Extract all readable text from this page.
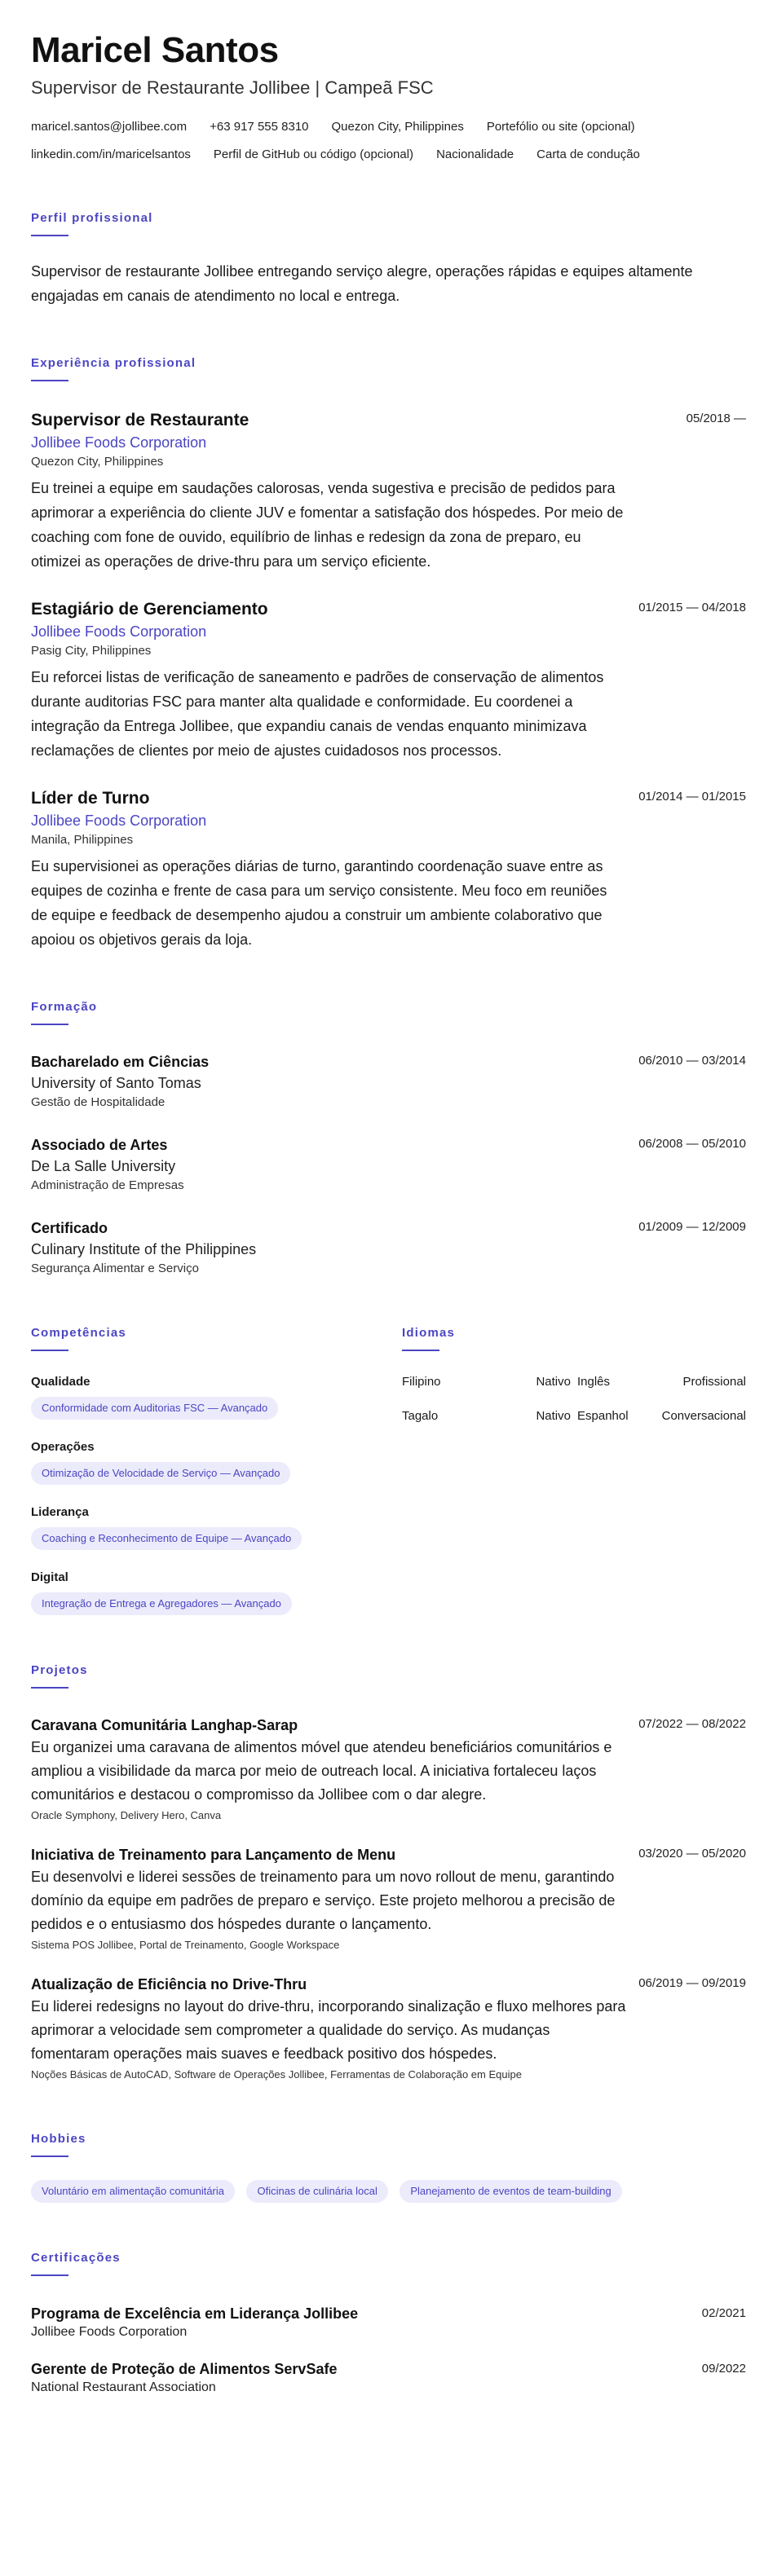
Maricel Santos
Supervisor de Restaurante Jollibee | Campeã FSC
maricel.santos@jollibee.com +63 917 555 8310 Quezon City, Philippines Portefólio ou site (opcional)
linkedin.com/in/maricelsantos Perfil de GitHub ou código (opcional) Nacionalidade Carta de condução
Perfil profissional

Supervisor de restaurante Jollibee entregando serviço alegre, operações rápidas e equipes altamente engajadas em canais de atendimento no local e entrega.

Experiência profissional
Supervisor de Restaurante	05/2018 —
Jollibee Foods Corporation
Quezon City, Philippines
Eu treinei a equipe em saudações calorosas, venda sugestiva e precisão de pedidos para aprimorar a experiência do cliente JUV e fomentar a satisfação dos hóspedes. Por meio de coaching com fone de ouvido, equilíbrio de linhas e redesign da zona de preparo, eu otimizei as operações de drive-thru para um serviço eficiente.
Estagiário de Gerenciamento	01/2015 — 04/2018
Jollibee Foods Corporation
Pasig City, Philippines
Eu reforcei listas de verificação de saneamento e padrões de conservação de alimentos durante auditorias FSC para manter alta qualidade e conformidade. Eu coordenei a integração da Entrega Jollibee, que expandiu canais de vendas enquanto minimizava reclamações de clientes por meio de ajustes cuidadosos nos processos.
Líder de Turno	01/2014 — 01/2015
Jollibee Foods Corporation
Manila, Philippines
Eu supervisionei as operações diárias de turno, garantindo coordenação suave entre as equipes de cozinha e frente de casa para um serviço consistente. Meu foco em reuniões de equipe e feedback de desempenho ajudou a construir um ambiente colaborativo que apoiou os objetivos gerais da loja.
Formação
Bacharelado em Ciências	06/2010 — 03/2014
University of Santo Tomas
Gestão de Hospitalidade
Associado de Artes	06/2008 — 05/2010
De La Salle University
Administração de Empresas
Certificado	01/2009 — 12/2009
Culinary Institute of the Philippines
Segurança Alimentar e Serviço
Competências
Qualidade
Conformidade com Auditorias FSC — Avançado
Operações
Otimização de Velocidade de Serviço — Avançado
Liderança
Coaching e Reconhecimento de Equipe — Avançado
Digital
Integração de Entrega e Agregadores — Avançado
Idiomas
Filipino	Nativo Inglês	Profissional
Tagalo	Nativo Espanhol	Conversacional
Projetos
Caravana Comunitária Langhap-Sarap	07/2022 — 08/2022
Eu organizei uma caravana de alimentos móvel que atendeu beneficiários comunitários e ampliou a visibilidade da marca por meio de outreach local. A iniciativa fortaleceu laços comunitários e destacou o compromisso da Jollibee com o dar alegre.
Oracle Symphony, Delivery Hero, Canva
Iniciativa de Treinamento para Lançamento de Menu	03/2020 — 05/2020
Eu desenvolvi e liderei sessões de treinamento para um novo rollout de menu, garantindo domínio da equipe em padrões de preparo e serviço. Este projeto melhorou a precisão de pedidos e o entusiasmo dos hóspedes durante o lançamento.
Sistema POS Jollibee, Portal de Treinamento, Google Workspace
Atualização de Eficiência no Drive-Thru	06/2019 — 09/2019
Eu liderei redesigns no layout do drive-thru, incorporando sinalização e fluxo melhores para aprimorar a velocidade sem comprometer a qualidade do serviço. As mudanças fomentaram operações mais suaves e feedback positivo dos hóspedes.
Noções Básicas de AutoCAD, Software de Operações Jollibee, Ferramentas de Colaboração em Equipe
Hobbies
Voluntário em alimentação comunitária	Oficinas de culinária local	Planejamento de eventos de team-building
Certificações
Programa de Excelência em Liderança Jollibee	02/2021
Jollibee Foods Corporation
Gerente de Proteção de Alimentos ServSafe	09/2022
National Restaurant Association
